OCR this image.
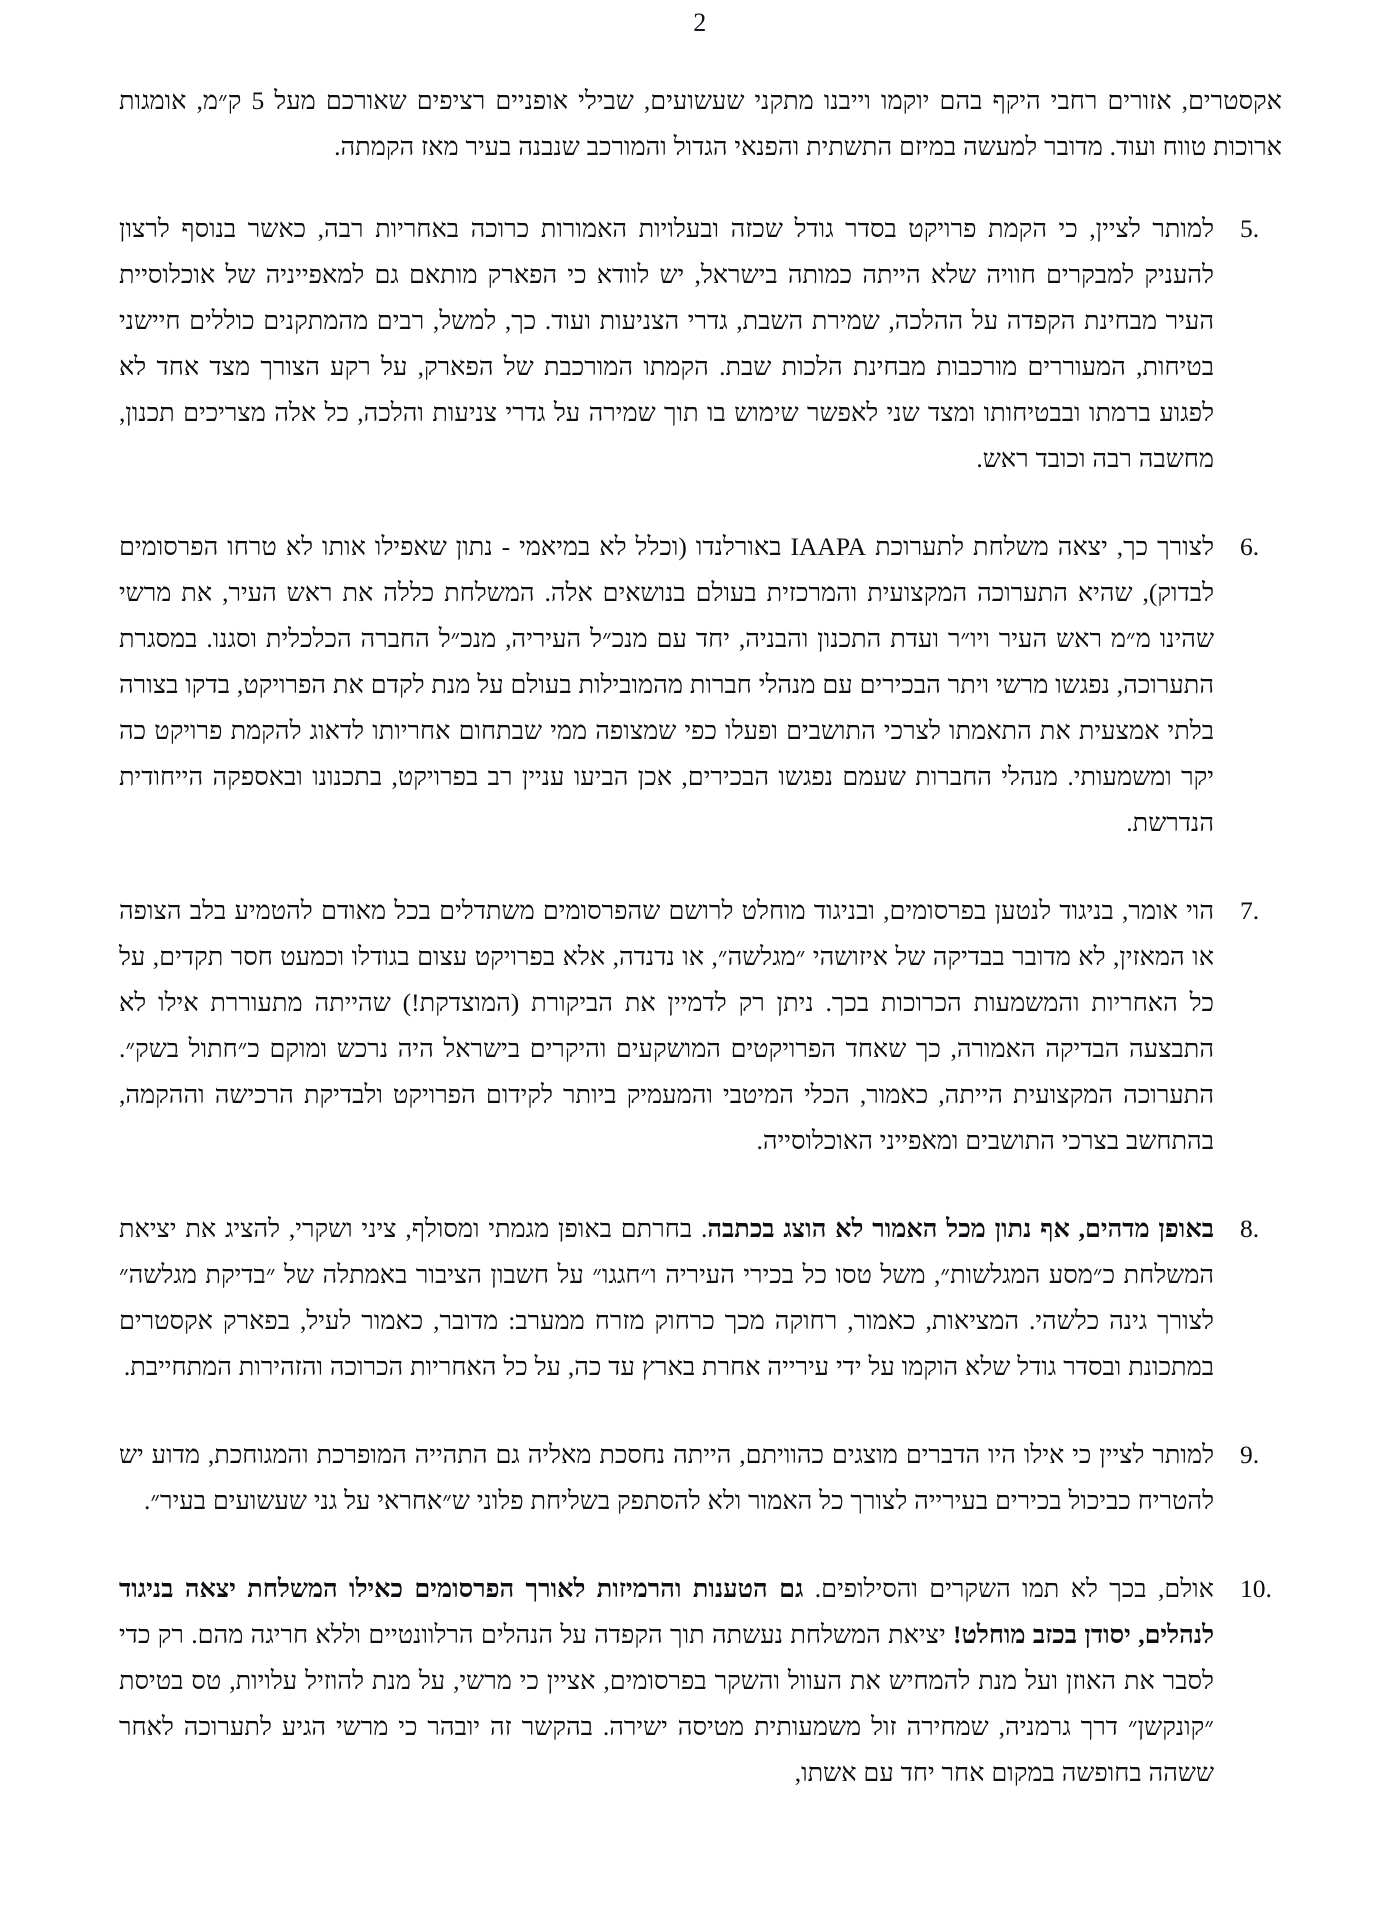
2

אקסטרים, אזורים רחבי היקף בהם יוקמו וייבנו מתקני שעשועים, שבילי אופניים רציפים שאורכם מעל 5 ק״מ, אומגות ארוכות טווח ועוד. מדובר למעשה במיזם התשתית והפנאי הגדול והמורכב שנבנה בעיר מאז הקמתה.

5.
למותר לציין, כי הקמת פרויקט בסדר גודל שכזה ובעלויות האמורות כרוכה באחריות רבה, כאשר בנוסף לרצון להעניק למבקרים חוויה שלא הייתה כמותה בישראל, יש לוודא כי הפארק מותאם גם למאפייניה של אוכלוסיית העיר מבחינת הקפדה על ההלכה, שמירת השבת, גדרי הצניעות ועוד. כך, למשל, רבים מהמתקנים כוללים חיישני בטיחות, המעוררים מורכבות מבחינת הלכות שבת. הקמתו המורכבת של הפארק, על רקע הצורך מצד אחד לא לפגוע ברמתו ובבטיחותו ומצד שני לאפשר שימוש בו תוך שמירה על גדרי צניעות והלכה, כל אלה מצריכים תכנון, מחשבה רבה וכובד ראש.
6.
לצורך כך, יצאה משלחת לתערוכת IAAPA באורלנדו (וכלל לא במיאמי - נתון שאפילו אותו לא טרחו הפרסומים לבדוק), שהיא התערוכה המקצועית והמרכזית בעולם בנושאים אלה. המשלחת כללה את ראש העיר, את מרשי שהינו מ״מ ראש העיר ויו״ר ועדת התכנון והבניה, יחד עם מנכ״ל העיריה, מנכ״ל החברה הכלכלית וסגנו. במסגרת התערוכה, נפגשו מרשי ויתר הבכירים עם מנהלי חברות מהמובילות בעולם על מנת לקדם את הפרויקט, בדקו בצורה בלתי אמצעית את התאמתו לצרכי התושבים ופעלו כפי שמצופה ממי שבתחום אחריותו לדאוג להקמת פרויקט כה יקר ומשמעותי. מנהלי החברות שעמם נפגשו הבכירים, אכן הביעו עניין רב בפרויקט, בתכנונו ובאספקה הייחודית הנדרשת.
7.
הוי אומר, בניגוד לנטען בפרסומים, ובניגוד מוחלט לרושם שהפרסומים משתדלים בכל מאודם להטמיע בלב הצופה או המאזין, לא מדובר בבדיקה של איזושהי ״מגלשה״, או נדנדה, אלא בפרויקט עצום בגודלו וכמעט חסר תקדים, על כל האחריות והמשמעות הכרוכות בכך. ניתן רק לדמיין את הביקורת (המוצדקת!) שהייתה מתעוררת אילו לא התבצעה הבדיקה האמורה, כך שאחד הפרויקטים המושקעים והיקרים בישראל היה נרכש ומוקם כ״חתול בשק״. התערוכה המקצועית הייתה, כאמור, הכלי המיטבי והמעמיק ביותר לקידום הפרויקט ולבדיקת הרכישה וההקמה, בהתחשב בצרכי התושבים ומאפייני האוכלוסייה.
8.
באופן מדהים, אף נתון מכל האמור לא הוצג בכתבה. בחרתם באופן מגמתי ומסולף, ציני ושקרי, להציג את יציאת המשלחת כ״מסע המגלשות״, משל טסו כל בכירי העיריה ו״חגגו״ על חשבון הציבור באמתלה של ״בדיקת מגלשה״ לצורך גינה כלשהי. המציאות, כאמור, רחוקה מכך כרחוק מזרח ממערב: מדובר, כאמור לעיל, בפארק אקסטרים במתכונת ובסדר גודל שלא הוקמו על ידי עירייה אחרת בארץ עד כה, על כל האחריות הכרוכה והזהירות המתחייבת.
9.
למותר לציין כי אילו היו הדברים מוצגים כהוויתם, הייתה נחסכת מאליה גם התהייה המופרכת והמגוחכת, מדוע יש להטריח כביכול בכירים בעירייה לצורך כל האמור ולא להסתפק בשליחת פלוני ש״אחראי על גני שעשועים בעיר״.
10.
אולם, בכך לא תמו השקרים והסילופים. גם הטענות והרמיזות לאורך הפרסומים כאילו המשלחת יצאה בניגוד לנהלים, יסודן בכזב מוחלט! יציאת המשלחת נעשתה תוך הקפדה על הנהלים הרלוונטיים וללא חריגה מהם. רק כדי לסבר את האוזן ועל מנת להמחיש את העוול והשקר בפרסומים, אציין כי מרשי, על מנת להוזיל עלויות, טס בטיסת ״קונקשן״ דרך גרמניה, שמחירה זול משמעותית מטיסה ישירה. בהקשר זה יובהר כי מרשי הגיע לתערוכה לאחר ששהה בחופשה במקום אחר יחד עם אשתו,
